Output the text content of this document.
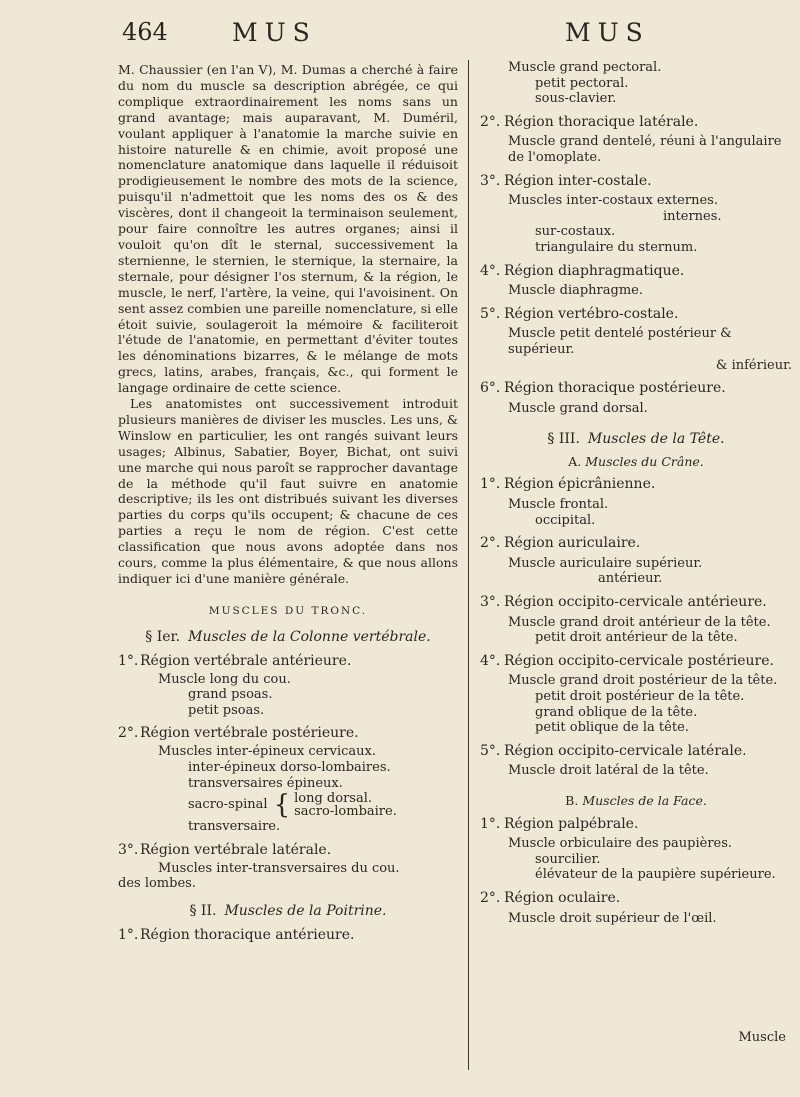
464	MUS	MUS

M. Chaussier (en l'an V), M. Dumas a cherché à faire du nom du muscle sa description abrégée, ce qui complique extraordinairement les noms sans un grand avantage; mais auparavant, M. Duméril, voulant appliquer à l'anatomie la marche suivie en histoire naturelle & en chimie, avoit proposé une nomenclature anatomique dans laquelle il réduisoit prodigieusement le nombre des mots de la science, puisqu'il n'admettoit que les noms des os & des viscères, dont il changeoit la terminaison seulement, pour faire connoître les autres organes; ainsi il vouloit qu'on dît le sternal, successivement la sternienne, le sternien, le sternique, la sternaire, la sternale, pour désigner l'os sternum, & la région, le muscle, le nerf, l'artère, la veine, qui l'avoisinent. On sent assez combien une pareille nomenclature, si elle étoit suivie, soulageroit la mémoire & faciliteroit l'étude de l'anatomie, en permettant d'éviter toutes les dénominations bizarres, & le mélange de mots grecs, latins, arabes, français, &c., qui forment le langage ordinaire de cette science.

Les anatomistes ont successivement introduit plusieurs manières de diviser les muscles. Les uns, & Winslow en particulier, les ont rangés suivant leurs usages; Albinus, Sabatier, Boyer, Bichat, ont suivi une marche qui nous paroît se rapprocher davantage de la méthode qu'il faut suivre en anatomie descriptive; ils les ont distribués suivant les diverses parties du corps qu'ils occupent; & chacune de ces parties a reçu le nom de région. C'est cette classification que nous avons adoptée dans nos cours, comme la plus élémentaire, & que nous allons indiquer ici d'une manière générale.

MUSCLES DU TRONC.
§ Ier. Muscles de la Colonne vertébrale.
1°. Région vertébrale antérieure.

Muscle long du cou.

grand psoas.

petit psoas.

2°. Région vertébrale postérieure.

Muscles inter-épineux cervicaux.

inter-épineux dorso-lombaires.

transversaires épineux.

sacro-spinal { long dorsal.
sacro-lombaire.

transversaire.

3°. Région vertébrale latérale.

Muscles inter-transversaires du cou.

des lombes.

§ II. Muscles de la Poitrine.
1°. Région thoracique antérieure.

Muscle grand pectoral.

petit pectoral.

sous-clavier.

2°. Région thoracique latérale.

Muscle grand dentelé, réuni à l'angulaire de l'omoplate.

3°. Région inter-costale.

Muscles inter-costaux externes.

internes.

sur-costaux.

triangulaire du sternum.

4°. Région diaphragmatique.

Muscle diaphragme.

5°. Région vertébro-costale.

Muscle petit dentelé postérieur & supérieur.

& inférieur.

6°. Région thoracique postérieure.

Muscle grand dorsal.

§ III. Muscles de la Tête.
A. Muscles du Crâne.
1°. Région épicrânienne.

Muscle frontal.

occipital.

2°. Région auriculaire.

Muscle auriculaire supérieur.

antérieur.

3°. Région occipito-cervicale antérieure.

Muscle grand droit antérieur de la tête.

petit droit antérieur de la tête.

4°. Région occipito-cervicale postérieure.

Muscle grand droit postérieur de la tête.

petit droit postérieur de la tête.

grand oblique de la tête.

petit oblique de la tête.

5°. Région occipito-cervicale latérale.

Muscle droit latéral de la tête.

B. Muscles de la Face.
1°. Région palpébrale.

Muscle orbiculaire des paupières.

sourcilier.

élévateur de la paupière supérieure.

2°. Région oculaire.

Muscle droit supérieur de l'œil.

Muscle
